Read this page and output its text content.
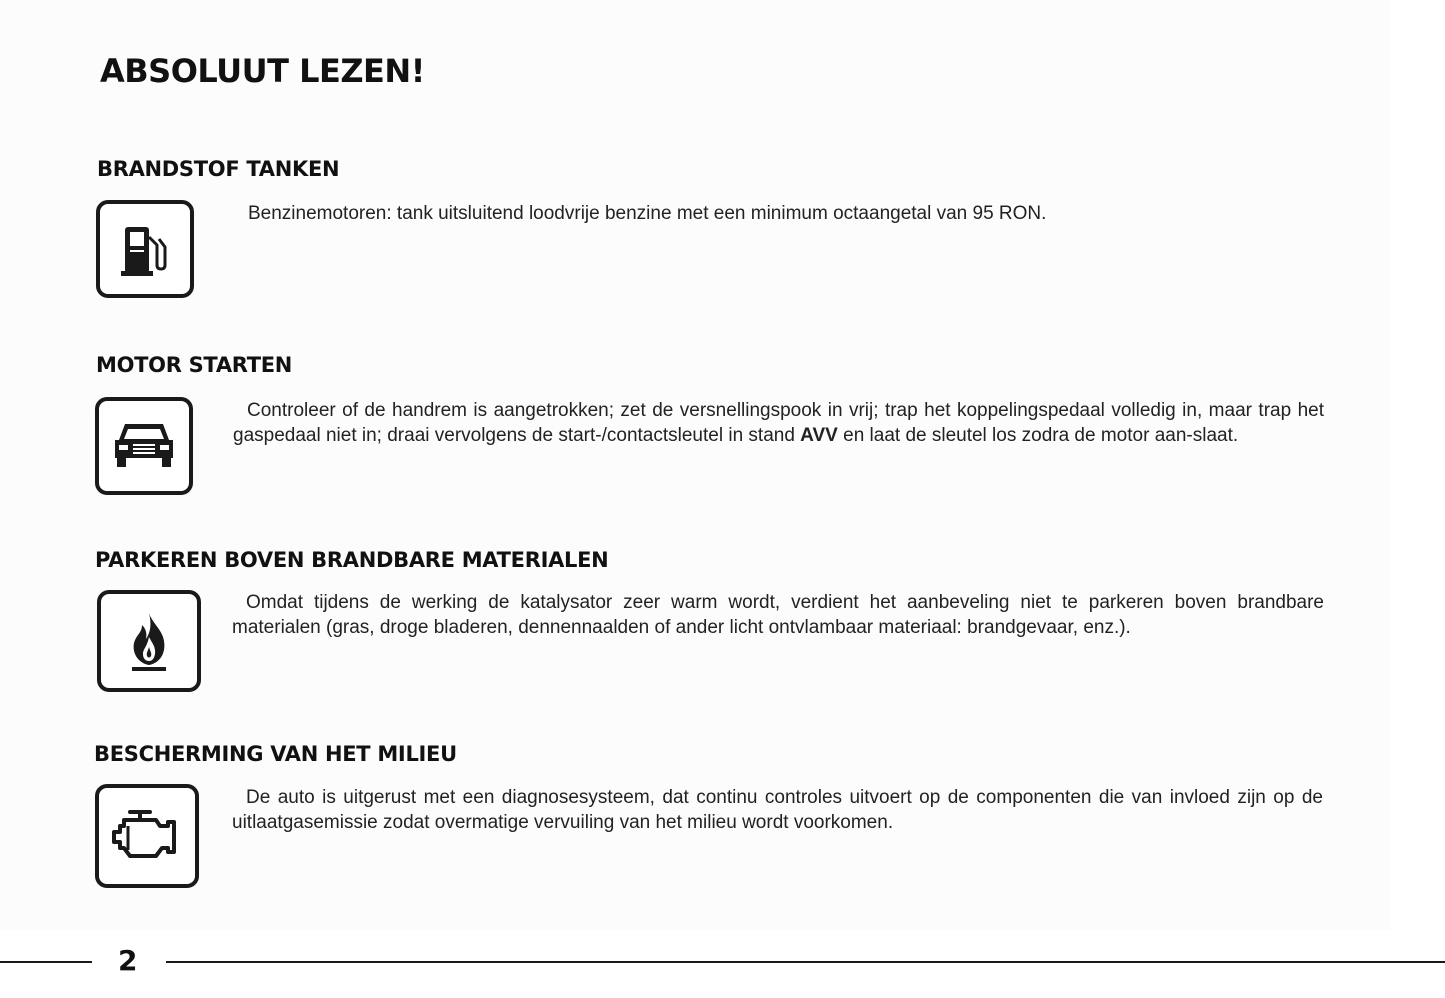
ABSOLUUT LEZEN!
BRANDSTOF TANKEN

Benzinemotoren: tank uitsluitend loodvrije benzine met een minimum octaangetal van 95 RON.

MOTOR STARTEN

Controleer of de handrem is aangetrokken; zet de versnellingspook in vrij; trap het koppelingspedaal volledig in, maar trap het gaspedaal niet in; draai vervolgens de start-/contactsleutel in stand AVV en laat de sleutel los zodra de motor aan-slaat.

PARKEREN BOVEN BRANDBARE MATERIALEN

Omdat tijdens de werking de katalysator zeer warm wordt, verdient het aanbeveling niet te parkeren boven brandbare materialen (gras, droge bladeren, dennennaalden of ander licht ontvlambaar materiaal: brandgevaar, enz.).

BESCHERMING VAN HET MILIEU

De auto is uitgerust met een diagnosesysteem, dat continu controles uitvoert op de componenten die van invloed zijn op de uitlaatgasemissie zodat overmatige vervuiling van het milieu wordt voorkomen.

2
